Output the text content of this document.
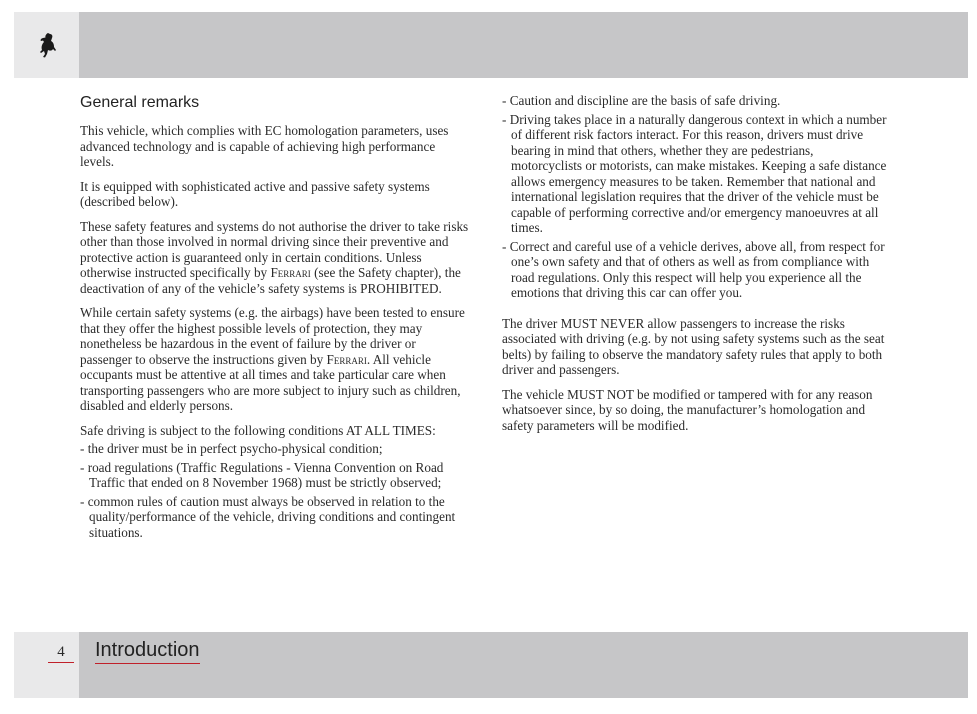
General remarks

This vehicle, which complies with EC homologation parameters, uses advanced technology and is capable of achieving high performance levels.

It is equipped with sophisticated active and passive safety systems (described below).

These safety features and systems do not authorise the driver to take risks other than those involved in normal driving since their preventive and protective action is guaranteed only in certain conditions. Unless otherwise instructed specifically by Ferrari (see the Safety chapter), the deactivation of any of the vehicle’s safety systems is PROHIBITED.

While certain safety systems (e.g. the airbags) have been tested to ensure that they offer the highest possible levels of protection, they may nonetheless be hazardous in the event of failure by the driver or passenger to observe the instructions given by Ferrari. All vehicle occupants must be attentive at all times and take particular care when transporting passengers who are more subject to injury such as children, disabled and elderly persons.

Safe driving is subject to the following conditions AT ALL TIMES:

- the driver must be in perfect psycho-physical condition;
- road regulations (Traffic Regulations - Vienna Convention on Road Traffic that ended on 8 November 1968) must be strictly observed;
- common rules of caution must always be observed in relation to the quality/performance of the vehicle, driving conditions and contingent situations.
- Caution and discipline are the basis of safe driving.
- Driving takes place in a naturally dangerous context in which a number of different risk factors interact. For this reason, drivers must drive bearing in mind that others, whether they are pedestrians, motorcyclists or motorists, can make mistakes. Keeping a safe distance allows emergency measures to be taken. Remember that national and international legislation requires that the driver of the vehicle must be capable of performing corrective and/or emergency manoeuvres at all times.
- Correct and careful use of a vehicle derives, above all, from respect for one’s own safety and that of others as well as from compliance with road regulations. Only this respect will help you experience all the emotions that driving this car can offer you.

The driver MUST NEVER allow passengers to increase the risks associated with driving (e.g. by not using safety systems such as the seat belts) by failing to observe the mandatory safety rules that apply to both driver and passengers.

The vehicle MUST NOT be modified or tampered with for any reason whatsoever since, by so doing, the manufacturer’s homologation and safety parameters will be modified.

4	Introduction
